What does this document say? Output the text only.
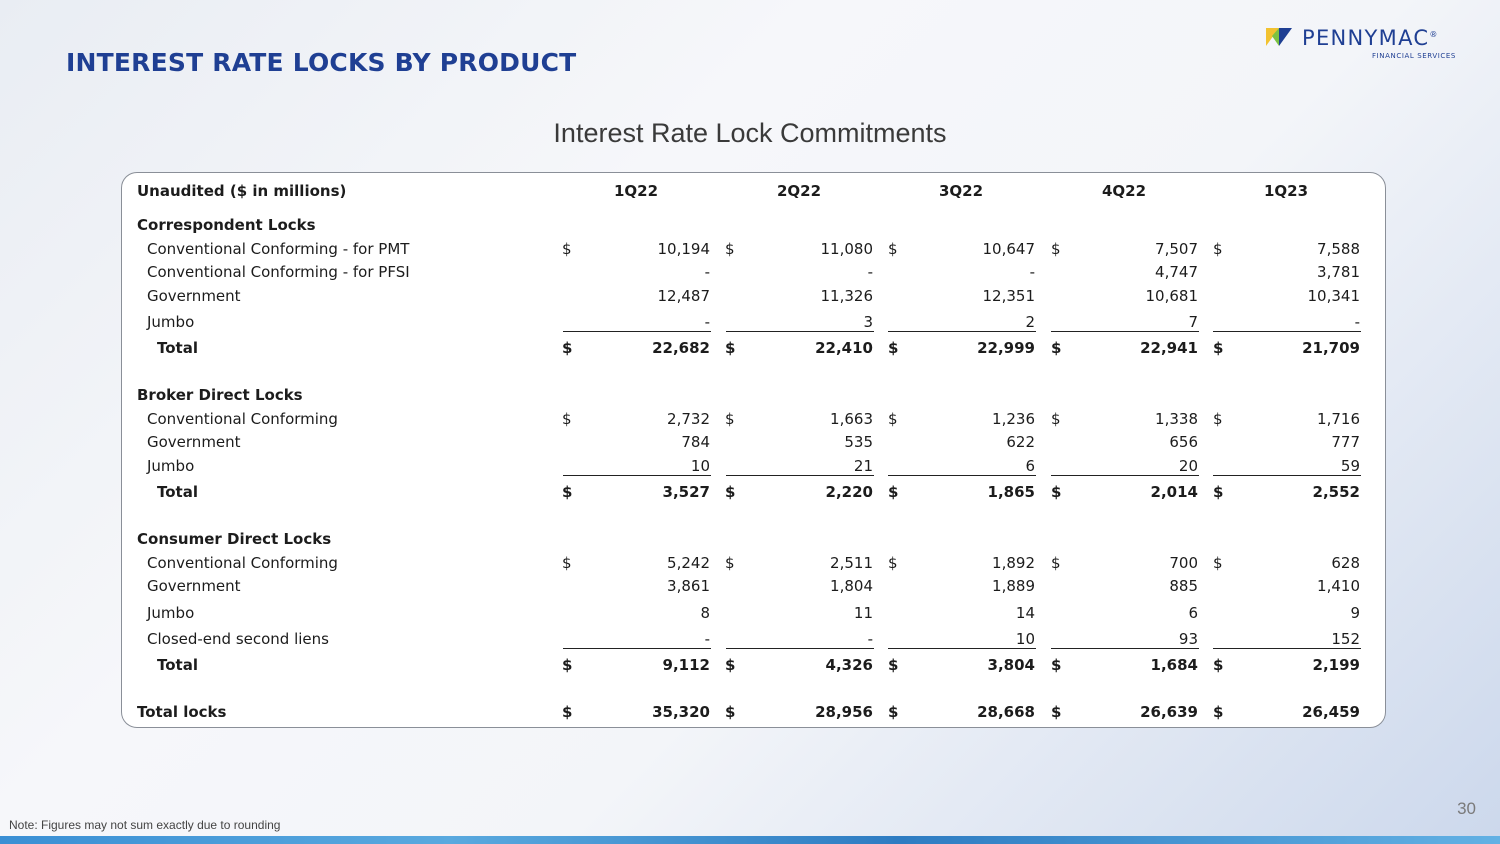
INTEREST RATE LOCKS BY PRODUCT
PENNYMAC®
FINANCIAL SERVICES
Interest Rate Lock Commitments
Unaudited ($ in millions)	1Q22	2Q22	3Q22	4Q22	1Q23
Correspondent Locks
Conventional Conforming - for PMT	$	10,194 $	11,080 $	10,647 $	7,507 $	7,588
Conventional Conforming - for PFSI	-	-	-	4,747	3,781
Government	12,487	11,326	12,351	10,681	10,341
Jumbo	-	3	2	7	-
Total	$	22,682 $	22,410 $	22,999 $	22,941 $	21,709
Broker Direct Locks
Conventional Conforming	$	2,732 $	1,663 $	1,236 $	1,338 $	1,716
Government	784	535	622	656	777
Jumbo	10	21	6	20	59
Total	$	3,527 $	2,220 $	1,865 $	2,014 $	2,552
Consumer Direct Locks
Conventional Conforming	$	5,242 $	2,511 $	1,892 $	700 $	628
Government	3,861	1,804	1,889	885	1,410
Jumbo	8	11	14	6	9
Closed-end second liens	-	-	10	93	152
Total	$	9,112 $	4,326 $	3,804 $	1,684 $	2,199
Total locks	$	35,320 $	28,956 $	28,668 $	26,639 $	26,459
Note: Figures may not sum exactly due to rounding
30
